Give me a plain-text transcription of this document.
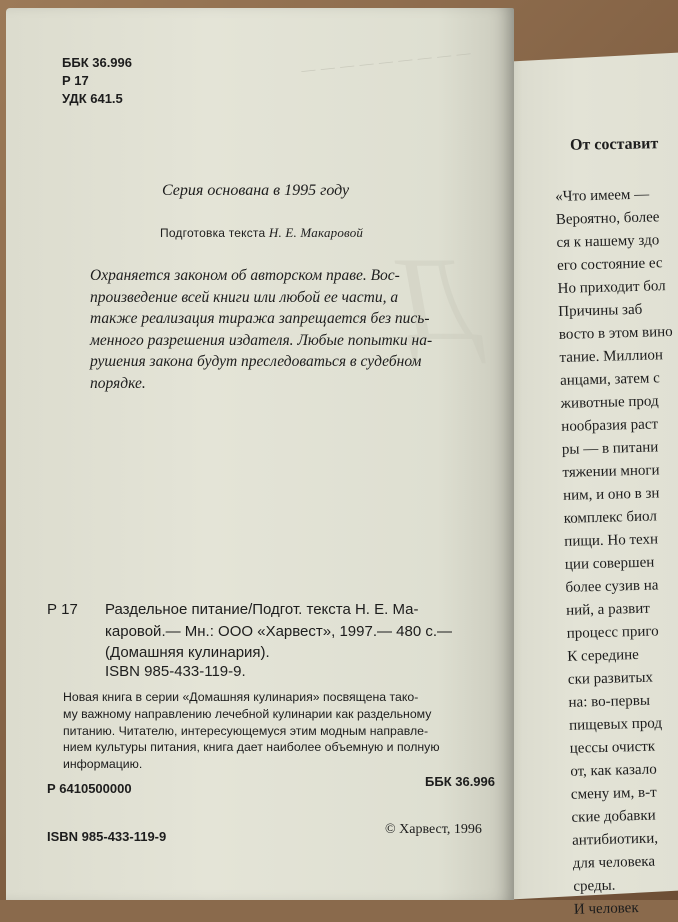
— — — — — — — — —
Д
ББК 36.996
Р 17
УДК 641.5
Серия основана в 1995 году
Подготовка текста Н. Е. Макаровой
Охраняется законом об авторском праве. Вос-
произведение всей книги или любой ее части, а
также реализация тиража запрещается без пись-
менного разрешения издателя. Любые попытки на-
рушения закона будут преследоваться в судебном
порядке.
Р 17 Раздельное питание/Подгот. текста Н. Е. Ма-
каровой.— Мн.: ООО «Харвест», 1997.— 480 с.—
(Домашняя кулинария).
ISBN 985-433-119-9.
Новая книга в серии «Домашняя кулинария» посвящена тако-
му важному направлению лечебной кулинарии как раздельному
питанию. Читателю, интересующемуся этим модным направле-
нием культуры питания, книга дает наиболее объемную и полную
информацию.
Р 6410500000	ББК 36.996
ISBN 985-433-119-9	© Харвест, 1996
От составит
«Что имеем —
Вероятно, более
ся к нашему здо
его состояние ес
Но приходит бол
Причины заб
восто в этом вино
тание. Миллион
анцами, затем с
животные прод
нообразия раст
ры — в питани
тяжении многи
ним, и оно в зн
комплекс биол
пищи. Но техн
ции совершен
более сузив на
ний, а развит
процесс приго
К середине
ски развитых
на: во-первы
пищевых прод
цессы очистк
от, как казало
смену им, в-т
ские добавки
антибиотики,
для человека
среды.
И человек
